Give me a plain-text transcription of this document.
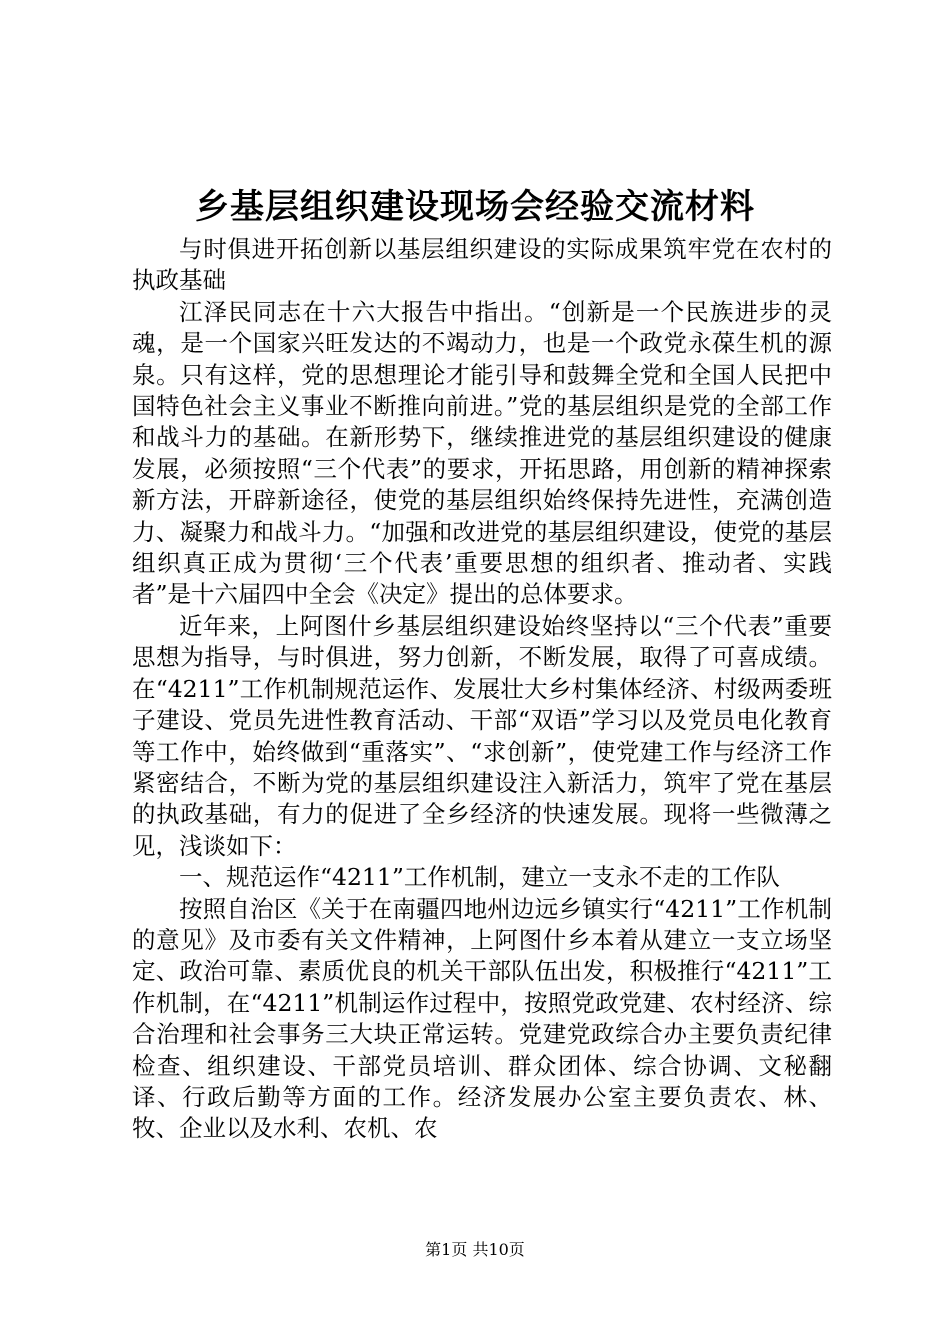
乡基层组织建设现场会经验交流材料

与时俱进开拓创新以基层组织建设的实际成果筑牢党在农村的执政基础

江泽民同志在十六大报告中指出。“创新是一个民族进步的灵魂，是一个国家兴旺发达的不竭动力，也是一个政党永葆生机的源泉。只有这样，党的思想理论才能引导和鼓舞全党和全国人民把中国特色社会主义事业不断推向前进。”党的基层组织是党的全部工作和战斗力的基础。在新形势下，继续推进党的基层组织建设的健康发展，必须按照“三个代表”的要求，开拓思路，用创新的精神探索新方法，开辟新途径，使党的基层组织始终保持先进性，充满创造力、凝聚力和战斗力。“加强和改进党的基层组织建设，使党的基层组织真正成为贯彻‘三个代表’重要思想的组织者、推动者、实践者”是十六届四中全会《决定》提出的总体要求。

近年来，上阿图什乡基层组织建设始终坚持以“三个代表”重要思想为指导，与时俱进，努力创新，不断发展，取得了可喜成绩。在“4211”工作机制规范运作、发展壮大乡村集体经济、村级两委班子建设、党员先进性教育活动、干部“双语”学习以及党员电化教育等工作中，始终做到“重落实”、“求创新”，使党建工作与经济工作紧密结合，不断为党的基层组织建设注入新活力，筑牢了党在基层的执政基础，有力的促进了全乡经济的快速发展。现将一些微薄之见，浅谈如下：

一、规范运作“4211”工作机制，建立一支永不走的工作队

按照自治区《关于在南疆四地州边远乡镇实行“4211”工作机制的意见》及市委有关文件精神，上阿图什乡本着从建立一支立场坚定、政治可靠、素质优良的机关干部队伍出发，积极推行“4211”工作机制，在“4211”机制运作过程中，按照党政党建、农村经济、综合治理和社会事务三大块正常运转。党建党政综合办主要负责纪律检查、组织建设、干部党员培训、群众团体、综合协调、文秘翻译、行政后勤等方面的工作。经济发展办公室主要负责农、林、牧、企业以及水利、农机、农

第1页 共10页
